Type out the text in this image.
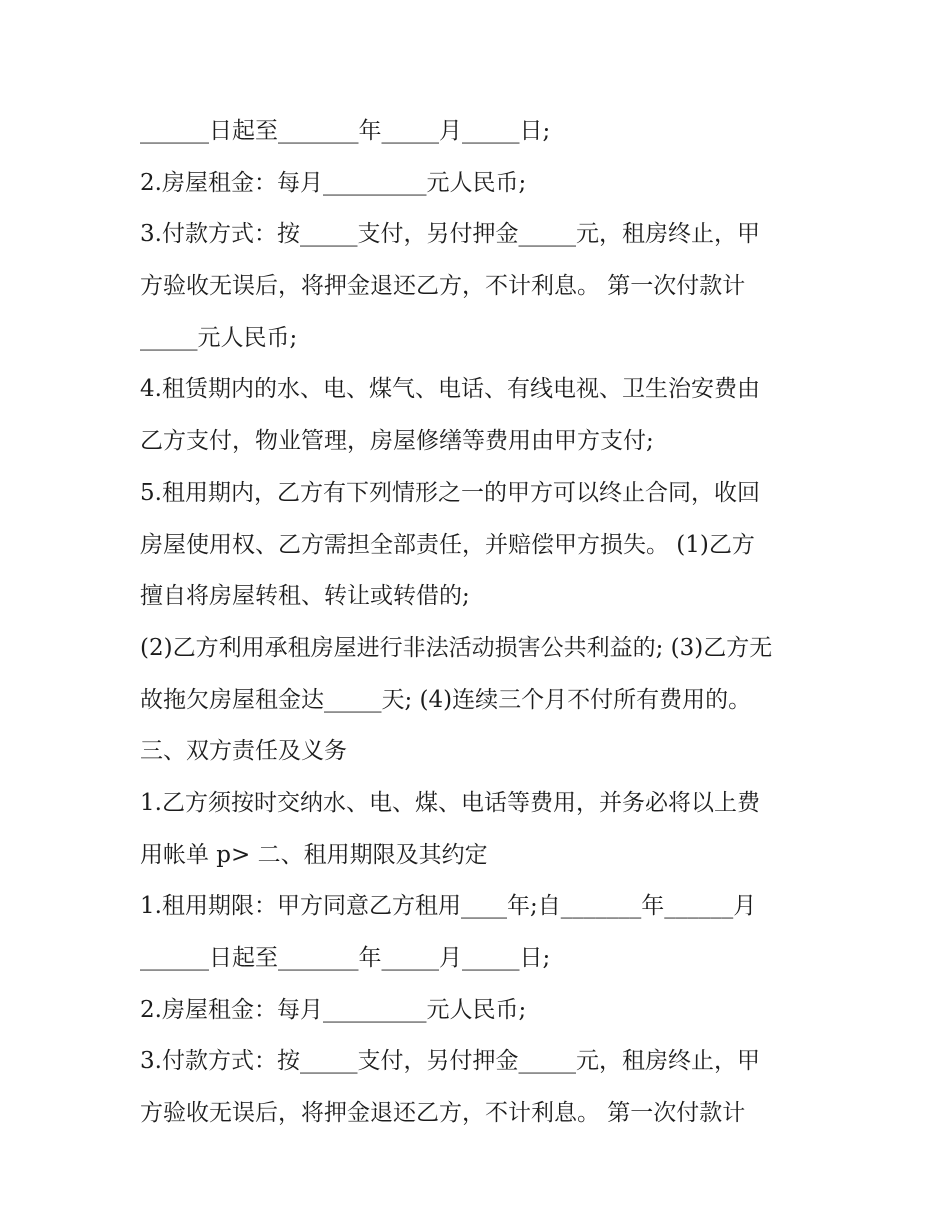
______日起至_______年_____月_____日;
2.房屋租金：每月_________元人民币;
3.付款方式：按_____支付，另付押金_____元，租房终止，甲
方验收无误后，将押金退还乙方，不计利息。 第一次付款计
_____元人民币;
4.租赁期内的水、电、煤气、电话、有线电视、卫生治安费由
乙方支付，物业管理，房屋修缮等费用由甲方支付;
5.租用期内，乙方有下列情形之一的甲方可以终止合同，收回
房屋使用权、乙方需担全部责任，并赔偿甲方损失。 (1)乙方
擅自将房屋转租、转让或转借的;
(2)乙方利用承租房屋进行非法活动损害公共利益的; (3)乙方无
故拖欠房屋租金达_____天; (4)连续三个月不付所有费用的。
三、双方责任及义务
1.乙方须按时交纳水、电、煤、电话等费用，并务必将以上费
用帐单 p> 二、租用期限及其约定
1.租用期限：甲方同意乙方租用____年;自_______年______月
______日起至_______年_____月_____日;
2.房屋租金：每月_________元人民币;
3.付款方式：按_____支付，另付押金_____元，租房终止，甲
方验收无误后，将押金退还乙方，不计利息。 第一次付款计
